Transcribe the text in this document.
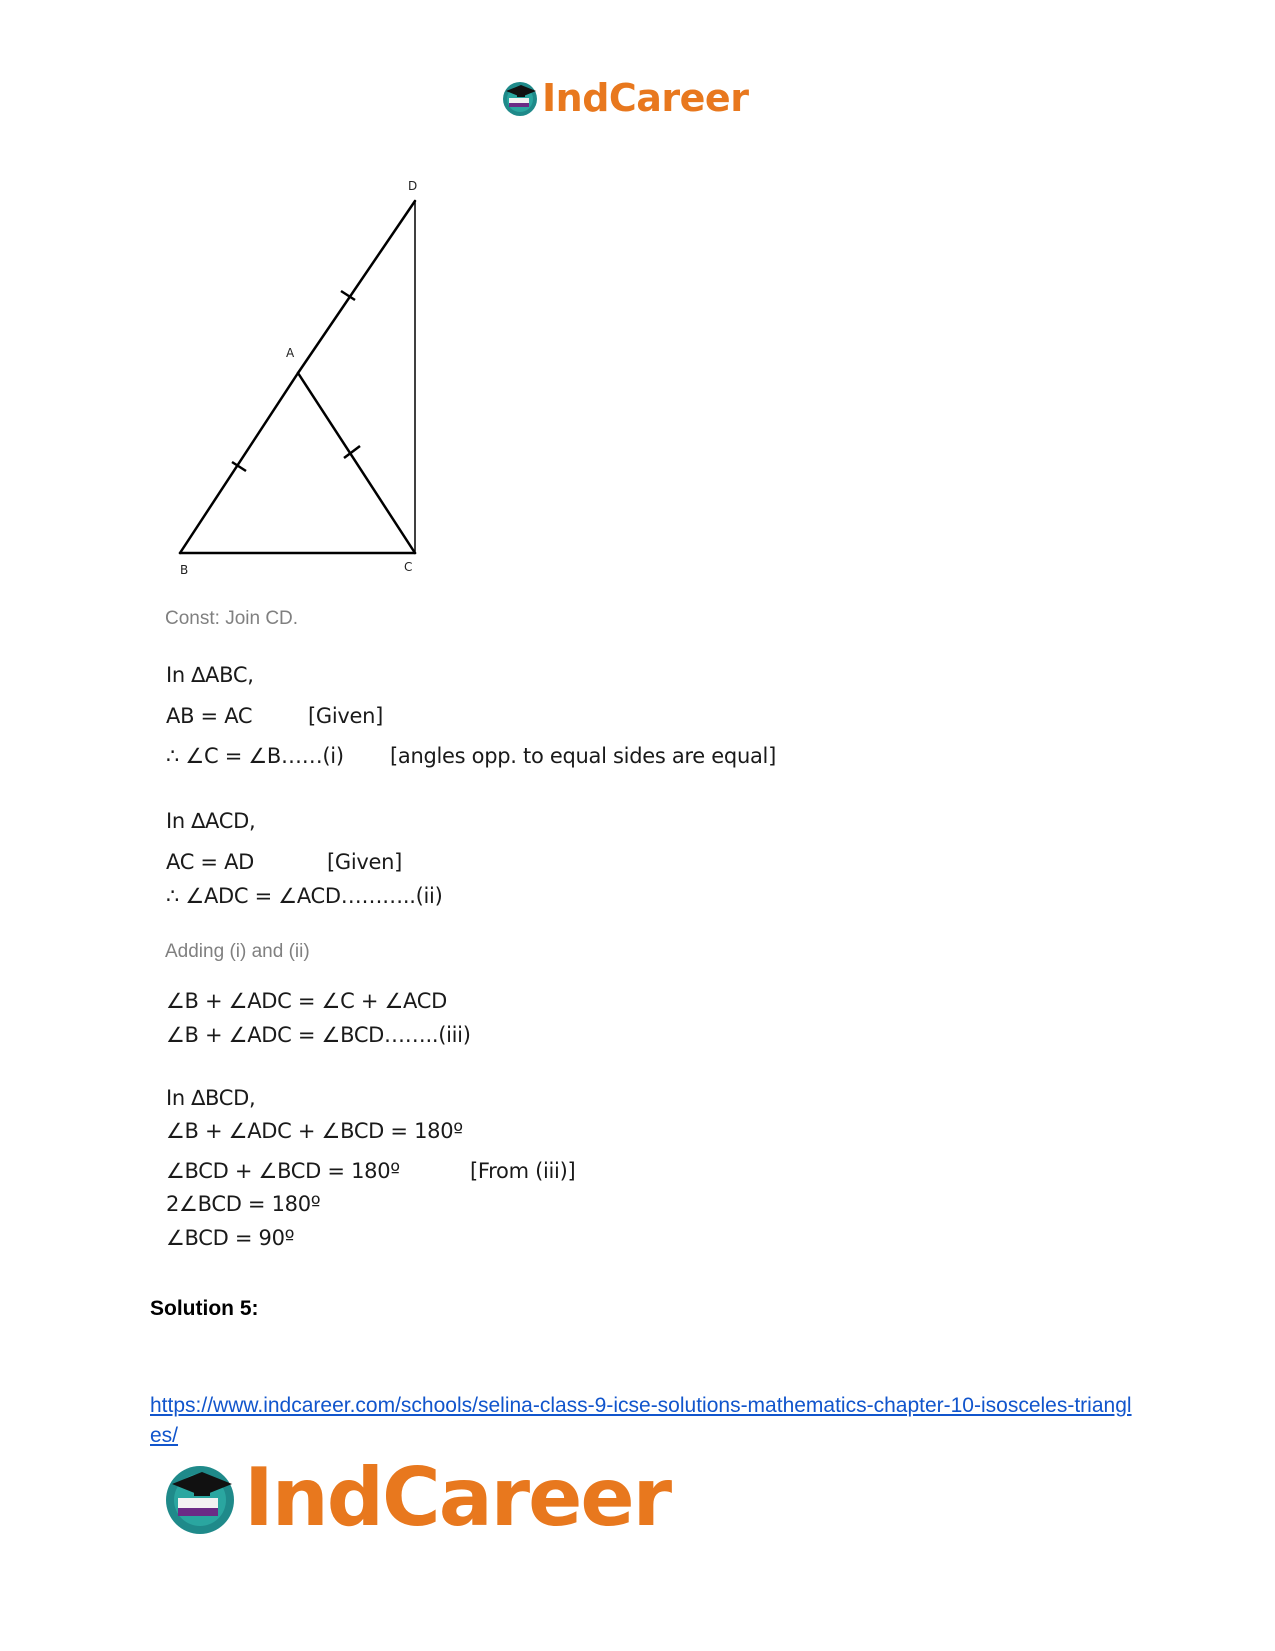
IndCareer
A
B	C
D
Const: Join CD.
In ∆ABC,
AB = AC	[Given]
∴ ∠C = ∠B……(i) [angles opp. to equal sides are equal]
In ∆ACD,
AC = AD	[Given]
∴ ∠ADC = ∠ACD………..(ii)
Adding (i) and (ii)
∠B + ∠ADC = ∠C + ∠ACD
∠B + ∠ADC = ∠BCD……..(iii)
In ∆BCD,
∠B + ∠ADC + ∠BCD = 180º
∠BCD + ∠BCD = 180º	[From (iii)]
2∠BCD = 180º
∠BCD = 90º
Solution 5:
https://www.indcareer.com/schools/selina-class-9-icse-solutions-mathematics-chapter-10-isosceles-triangles/
IndCareer
